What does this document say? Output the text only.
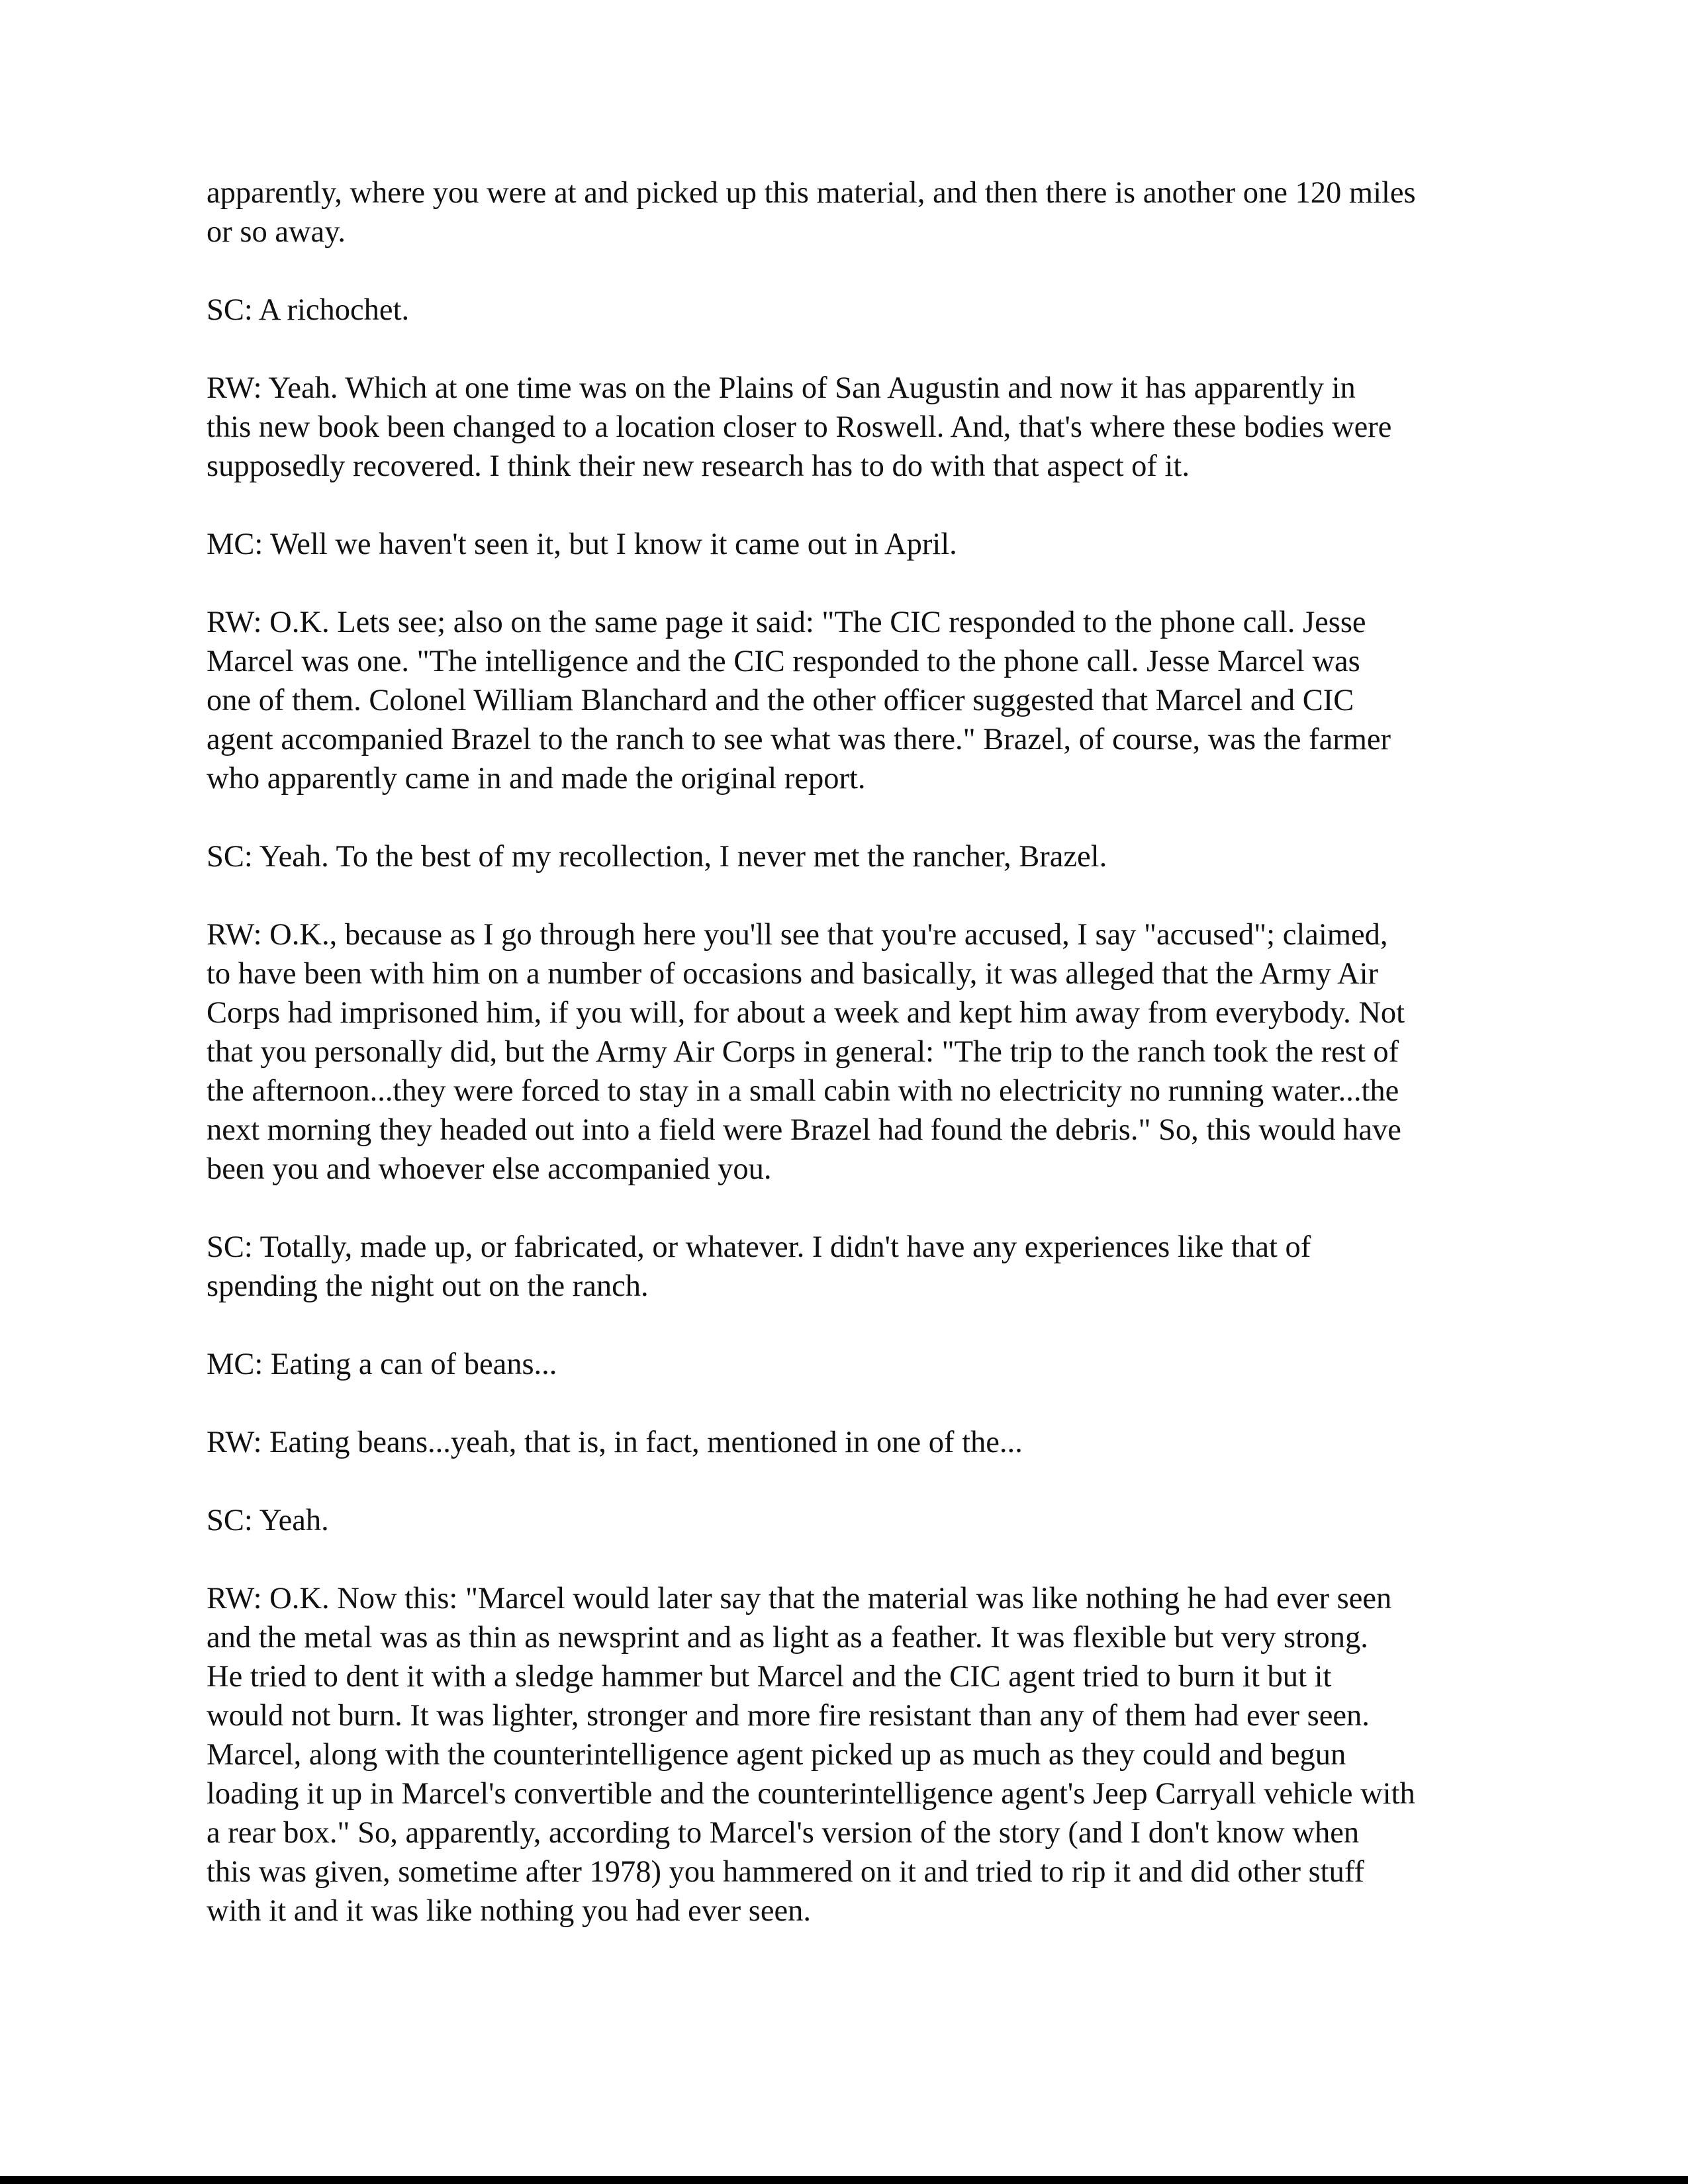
apparently, where you were at and picked up this material, and then there is another one 120 miles
or so away.

SC: A richochet.

RW: Yeah. Which at one time was on the Plains of San Augustin and now it has apparently in
this new book been changed to a location closer to Roswell. And, that's where these bodies were
supposedly recovered. I think their new research has to do with that aspect of it.

MC: Well we haven't seen it, but I know it came out in April.

RW: O.K. Lets see; also on the same page it said: "The CIC responded to the phone call. Jesse
Marcel was one. "The intelligence and the CIC responded to the phone call. Jesse Marcel was
one of them. Colonel William Blanchard and the other officer suggested that Marcel and CIC
agent accompanied Brazel to the ranch to see what was there." Brazel, of course, was the farmer
who apparently came in and made the original report.

SC: Yeah. To the best of my recollection, I never met the rancher, Brazel.

RW: O.K., because as I go through here you'll see that you're accused, I say "accused"; claimed,
to have been with him on a number of occasions and basically, it was alleged that the Army Air
Corps had imprisoned him, if you will, for about a week and kept him away from everybody. Not
that you personally did, but the Army Air Corps in general: "The trip to the ranch took the rest of
the afternoon...they were forced to stay in a small cabin with no electricity no running water...the
next morning they headed out into a field were Brazel had found the debris." So, this would have
been you and whoever else accompanied you.

SC: Totally, made up, or fabricated, or whatever. I didn't have any experiences like that of
spending the night out on the ranch.

MC: Eating a can of beans...

RW: Eating beans...yeah, that is, in fact, mentioned in one of the...

SC: Yeah.

RW: O.K. Now this: "Marcel would later say that the material was like nothing he had ever seen
and the metal was as thin as newsprint and as light as a feather. It was flexible but very strong.
He tried to dent it with a sledge hammer but Marcel and the CIC agent tried to burn it but it
would not burn. It was lighter, stronger and more fire resistant than any of them had ever seen.
Marcel, along with the counterintelligence agent picked up as much as they could and begun
loading it up in Marcel's convertible and the counterintelligence agent's Jeep Carryall vehicle with
a rear box." So, apparently, according to Marcel's version of the story (and I don't know when
this was given, sometime after 1978) you hammered on it and tried to rip it and did other stuff
with it and it was like nothing you had ever seen.
